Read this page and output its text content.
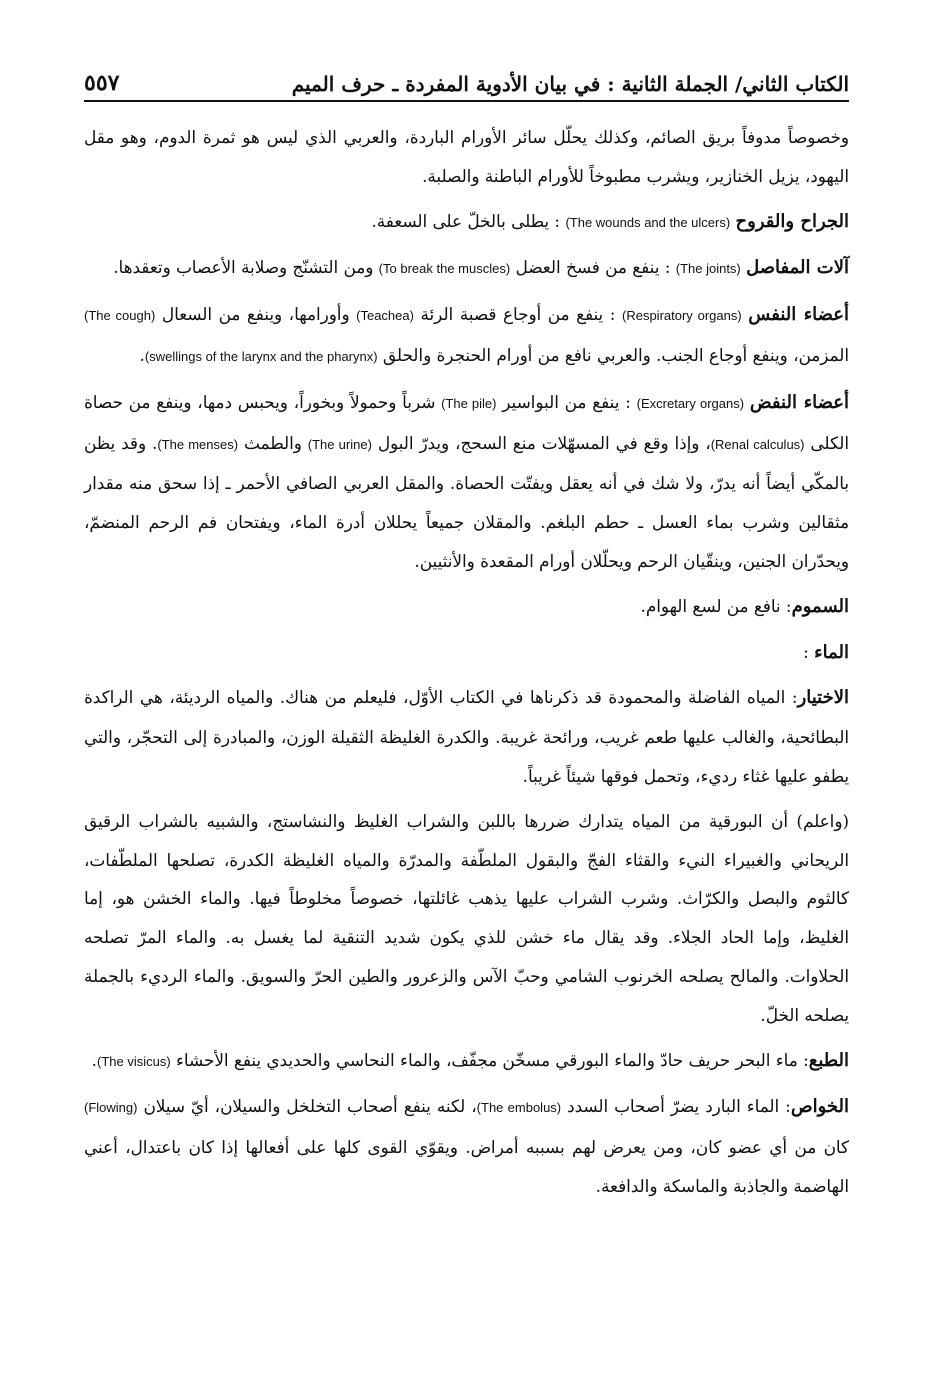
٥٥٧	الكتاب الثاني/ الجملة الثانية : في بيان الأدوية المفردة ـ حرف الميم

وخصوصاً مدوفاً بريق الصائم، وكذلك يحلّل سائر الأورام الباردة، والعربي الذي ليس هو ثمرة الدوم، وهو مقل اليهود، يزيل الخنازير، ويشرب مطبوخاً للأورام الباطنة والصلبة.

الجراح والقروح (The wounds and the ulcers) : يطلى بالخلّ على السعفة.

آلات المفاصل (The joints) : ينفع من فسخ العضل (To break the muscles) ومن التشنّج وصلابة الأعصاب وتعقدها.

أعضاء النفس (Respiratory organs) : ينفع من أوجاع قصبة الرئة (Teachea) وأورامها، وينفع من السعال (The cough) المزمن، وينفع أوجاع الجنب. والعربي نافع من أورام الحنجرة والحلق (swellings of the larynx and the pharynx).

أعضاء النفض (Excretary organs) : ينفع من البواسير (The pile) شرباً وحمولاً وبخوراً، ويحبس دمها، وينفع من حصاة الكلى (Renal calculus)، وإذا وقع في المسهّلات منع السحج، ويدرّ البول (The urine) والطمث (The menses). وقد يظن بالمكّي أيضاً أنه يدرّ، ولا شك في أنه يعقل ويفتّت الحصاة. والمقل العربي الصافي الأحمر ـ إذا سحق منه مقدار مثقالين وشرب بماء العسل ـ حطم البلغم. والمقلان جميعاً يحللان أدرة الماء، ويفتحان فم الرحم المنضمّ، ويحدّران الجنين، وينقّيان الرحم ويحلّلان أورام المقعدة والأنثيين.

السموم: نافع من لسع الهوام.

الماء :

الاختيار: المياه الفاضلة والمحمودة قد ذكرناها في الكتاب الأوّل، فليعلم من هناك. والمياه الرديئة، هي الراكدة البطائحية، والغالب عليها طعم غريب، ورائحة غريبة. والكدرة الغليظة الثقيلة الوزن، والمبادرة إلى التحجّر، والتي يطفو عليها غثاء رديء، وتحمل فوقها شيئاً غريباً.

(واعلم) أن البورقية من المياه يتدارك ضررها باللبن والشراب الغليظ والنشاستج، والشبيه بالشراب الرقيق الريحاني والغبيراء النيء والقثاء الفجّ والبقول الملطّفة والمدرّة والمياه الغليظة الكدرة، تصلحها الملطّفات، كالثوم والبصل والكرّاث. وشرب الشراب عليها يذهب غائلتها، خصوصاً مخلوطاً فيها. والماء الخشن هو، إما الغليظ، وإما الحاد الجلاء. وقد يقال ماء خشن للذي يكون شديد التنقية لما يغسل به. والماء المرّ تصلحه الحلاوات. والمالح يصلحه الخرنوب الشامي وحبّ الآس والزعرور والطين الحرّ والسويق. والماء الرديء بالجملة يصلحه الخلّ.

الطبع: ماء البحر حريف حادّ والماء البورقي مسخّن مجفّف، والماء النحاسي والحديدي ينفع الأحشاء (The visicus).

الخواص: الماء البارد يضرّ أصحاب السدد (The embolus)، لكنه ينفع أصحاب التخلخل والسيلان، أيّ سيلان (Flowing) كان من أي عضو كان، ومن يعرض لهم بسببه أمراض. ويقوّي القوى كلها على أفعالها إذا كان باعتدال، أعني الهاضمة والجاذبة والماسكة والدافعة.
